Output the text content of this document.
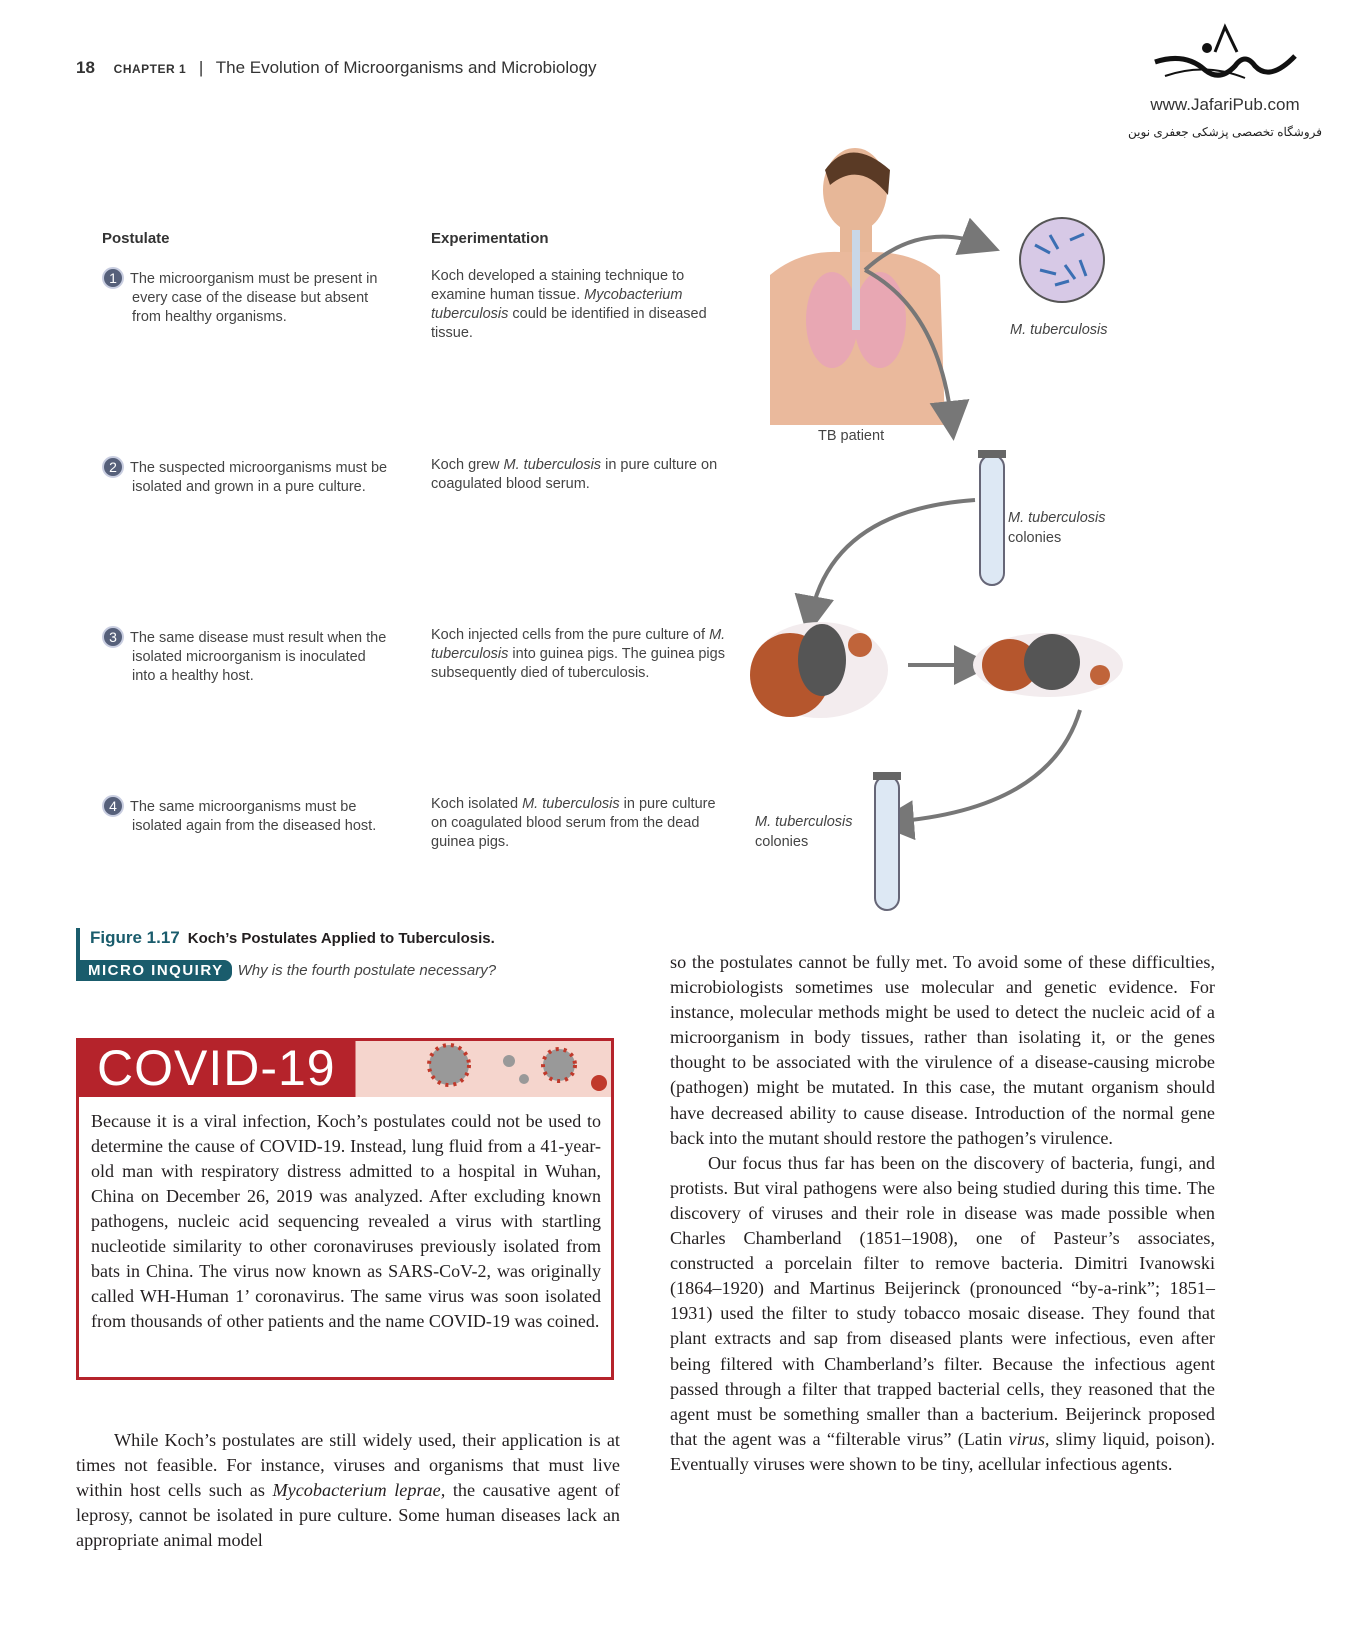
18 CHAPTER 1 | The Evolution of Microorganisms and Microbiology
www.JafariPub.com
فروشگاه تخصصی پزشکی جعفری نوین
Postulate	Experimentation
1 The microorganism must be present in every case of the disease but absent from healthy organisms.
Koch developed a staining technique to examine human tissue. Mycobacterium tuberculosis could be identified in diseased tissue.
2 The suspected microorganisms must be isolated and grown in a pure culture.
Koch grew M. tuberculosis in pure culture on coagulated blood serum.
3 The same disease must result when the isolated microorganism is inoculated into a healthy host.
Koch injected cells from the pure culture of M. tuberculosis into guinea pigs. The guinea pigs subsequently died of tuberculosis.
4 The same microorganisms must be isolated again from the diseased host.
Koch isolated M. tuberculosis in pure culture on coagulated blood serum from the dead guinea pigs.
TB patient
M. tuberculosis
M. tuberculosis
colonies
M. tuberculosis
colonies
Figure 1.17 Koch’s Postulates Applied to Tuberculosis.
MICRO INQUIRY Why is the fourth postulate necessary?
COVID-19
Because it is a viral infection, Koch’s postulates could not be used to determine the cause of COVID-19. Instead, lung fluid from a 41-year-old man with respiratory distress admitted to a hospital in Wuhan, China on December 26, 2019 was analyzed. After excluding known pathogens, nucleic acid sequencing revealed a virus with startling nucleotide similarity to other coronaviruses previously isolated from bats in China. The virus now known as SARS-CoV-2, was originally called WH-Human 1’ coronavirus. The same virus was soon isolated from thousands of other patients and the name COVID-19 was coined.

While Koch’s postulates are still widely used, their application is at times not feasible. For instance, viruses and organisms that must live within host cells such as Mycobacterium leprae, the causative agent of leprosy, cannot be isolated in pure culture. Some human diseases lack an appropriate animal model

so the postulates cannot be fully met. To avoid some of these difficulties, microbiologists sometimes use molecular and genetic evidence. For instance, molecular methods might be used to detect the nucleic acid of a microorganism in body tissues, rather than isolating it, or the genes thought to be associated with the virulence of a disease-causing microbe (pathogen) might be mutated. In this case, the mutant organism should have decreased ability to cause disease. Introduction of the normal gene back into the mutant should restore the pathogen’s virulence.

Our focus thus far has been on the discovery of bacteria, fungi, and protists. But viral pathogens were also being studied during this time. The discovery of viruses and their role in disease was made possible when Charles Chamberland (1851–1908), one of Pasteur’s associates, constructed a porcelain filter to remove bacteria. Dimitri Ivanowski (1864–1920) and Martinus Beijerinck (pronounced “by-a-rink”; 1851–1931) used the filter to study tobacco mosaic disease. They found that plant extracts and sap from diseased plants were infectious, even after being filtered with Chamberland’s filter. Because the infectious agent passed through a filter that trapped bacterial cells, they reasoned that the agent must be something smaller than a bacterium. Beijerinck proposed that the agent was a “filterable virus” (Latin virus, slimy liquid, poison). Eventually viruses were shown to be tiny, acellular infectious agents.
